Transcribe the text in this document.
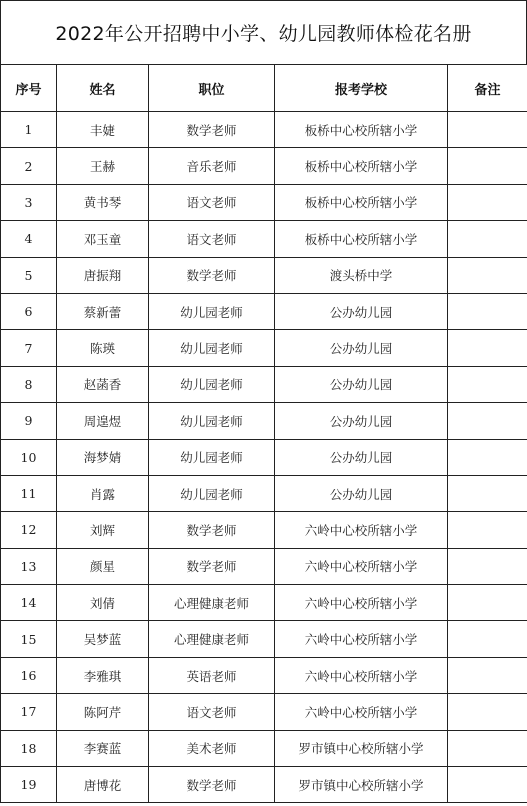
2022年公开招聘中小学、幼儿园教师体检花名册
序号	姓名	职位	报考学校	备注
1	丰婕	数学老师	板桥中心校所辖小学	
2	王赫	音乐老师	板桥中心校所辖小学	
3	黄书琴	语文老师	板桥中心校所辖小学	
4	邓玉童	语文老师	板桥中心校所辖小学	
5	唐振翔	数学老师	渡头桥中学	
6	蔡新蕾	幼儿园老师	公办幼儿园	
7	陈瑛	幼儿园老师	公办幼儿园	
8	赵菡香	幼儿园老师	公办幼儿园	
9	周遑煜	幼儿园老师	公办幼儿园	
10	海梦婧	幼儿园老师	公办幼儿园	
11	肖露	幼儿园老师	公办幼儿园	
12	刘辉	数学老师	六岭中心校所辖小学	
13	颜星	数学老师	六岭中心校所辖小学	
14	刘倩	心理健康老师	六岭中心校所辖小学	
15	吴梦蓝	心理健康老师	六岭中心校所辖小学	
16	李雅琪	英语老师	六岭中心校所辖小学	
17	陈阿芹	语文老师	六岭中心校所辖小学	
18	李赛蓝	美术老师	罗市镇中心校所辖小学	
19	唐博花	数学老师	罗市镇中心校所辖小学	
